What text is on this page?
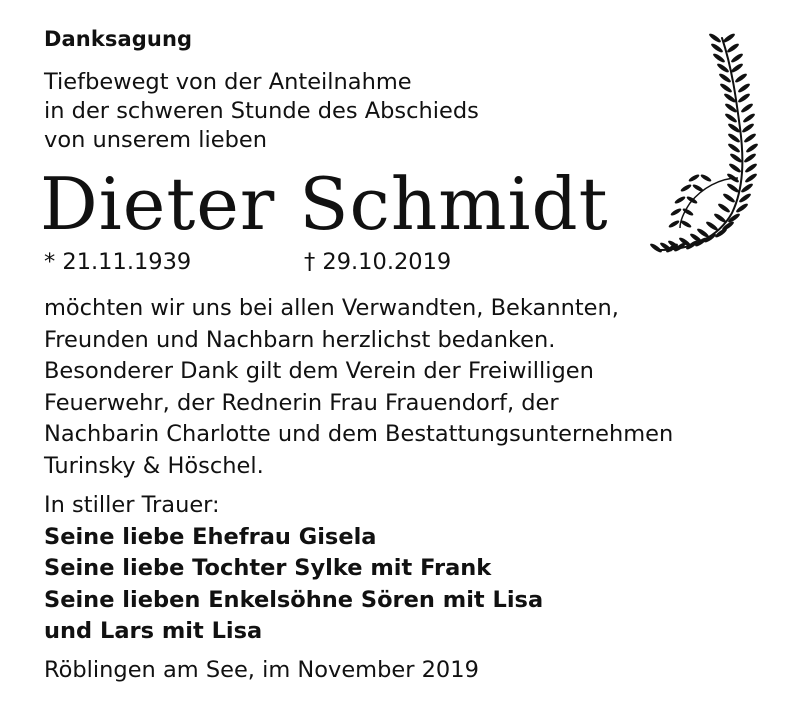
Danksagung
Tiefbewegt von der Anteilnahme
in der schweren Stunde des Abschieds
von unserem lieben
Dieter Schmidt
* 21.11.1939	† 29.10.2019
möchten wir uns bei allen Verwandten, Bekannten,
Freunden und Nachbarn herzlichst bedanken.
Besonderer Dank gilt dem Verein der Freiwilligen
Feuerwehr, der Rednerin Frau Frauendorf, der
Nachbarin Charlotte und dem Bestattungsunternehmen
Turinsky & Höschel.
In stiller Trauer:
Seine liebe Ehefrau Gisela
Seine liebe Tochter Sylke mit Frank
Seine lieben Enkelsöhne Sören mit Lisa
und Lars mit Lisa
Röblingen am See, im November 2019
